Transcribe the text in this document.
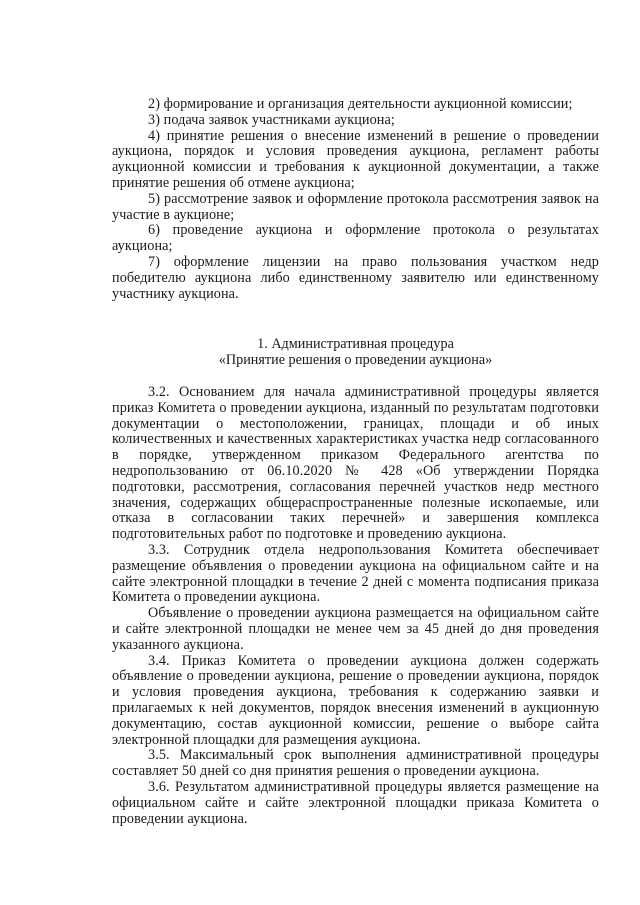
2) формирование и организация деятельности аукционной комиссии;

3) подача заявок участниками аукциона;

4) принятие решения о внесение изменений в решение о проведении аукциона, порядок и условия проведения аукциона, регламент работы аукционной комиссии и требования к аукционной документации, а также принятие решения об отмене аукциона;

5) рассмотрение заявок и оформление протокола рассмотрения заявок на участие в аукционе;

6) проведение аукциона и оформление протокола о результатах аукциона;

7) оформление лицензии на право пользования участком недр победителю аукциона либо единственному заявителю или единственному участнику аукциона.

1. Административная процедура
«Принятие решения о проведении аукциона»

3.2. Основанием для начала административной процедуры является приказ Комитета о проведении аукциона, изданный по результатам подготовки документации о местоположении, границах, площади и об иных количественных и качественных характеристиках участка недр согласованного в порядке, утвержденном приказом Федерального агентства по недропользованию от 06.10.2020 № 428 «Об утверждении Порядка подготовки, рассмотрения, согласования перечней участков недр местного значения, содержащих общераспространенные полезные ископаемые, или отказа в согласовании таких перечней» и завершения комплекса подготовительных работ по подготовке и проведению аукциона.

3.3. Сотрудник отдела недропользования Комитета обеспечивает размещение объявления о проведении аукциона на официальном сайте и на сайте электронной площадки в течение 2 дней с момента подписания приказа Комитета о проведении аукциона.

Объявление о проведении аукциона размещается на официальном сайте и сайте электронной площадки не менее чем за 45 дней до дня проведения указанного аукциона.

3.4. Приказ Комитета о проведении аукциона должен содержать объявление о проведении аукциона, решение о проведении аукциона, порядок и условия проведения аукциона, требования к содержанию заявки и прилагаемых к ней документов, порядок внесения изменений в аукционную документацию, состав аукционной комиссии, решение о выборе сайта электронной площадки для размещения аукциона.

3.5. Максимальный срок выполнения административной процедуры составляет 50 дней со дня принятия решения о проведении аукциона.

3.6. Результатом административной процедуры является размещение на официальном сайте и сайте электронной площадки приказа Комитета о проведении аукциона.
